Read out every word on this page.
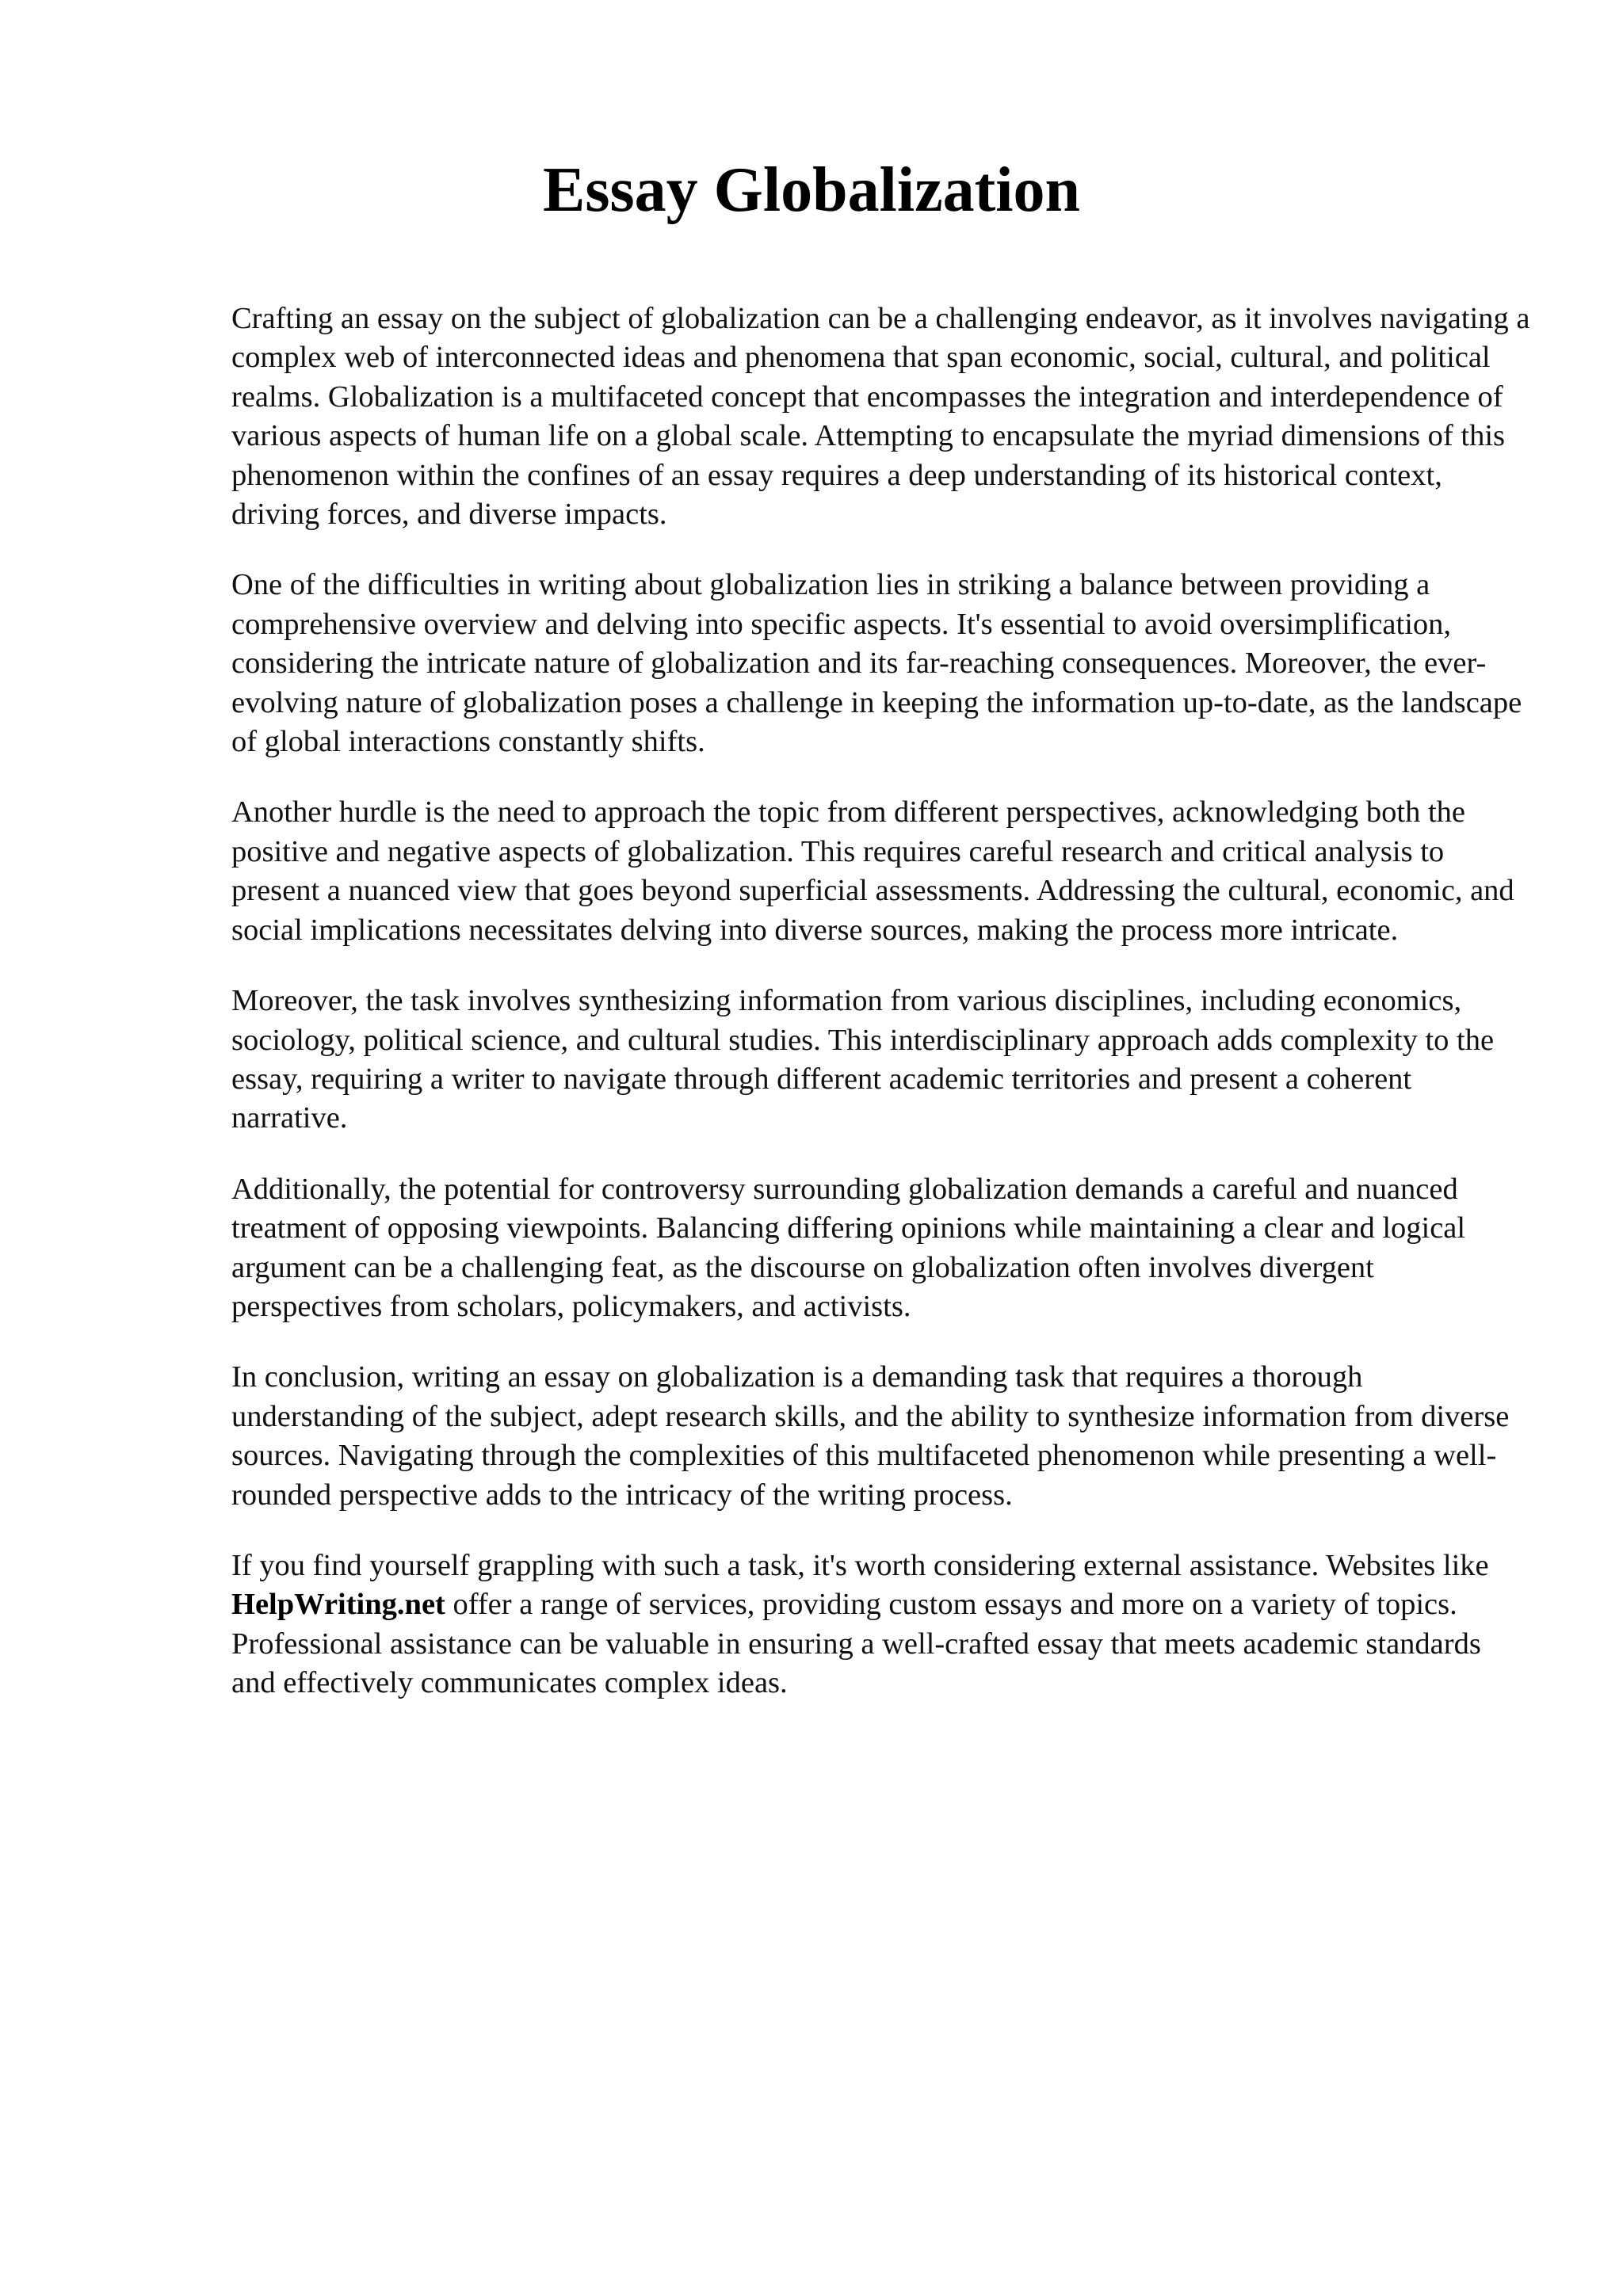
Essay Globalization

Crafting an essay on the subject of globalization can be a challenging endeavor, as it involves navigating a complex web of interconnected ideas and phenomena that span economic, social, cultural, and political realms. Globalization is a multifaceted concept that encompasses the integration and interdependence of various aspects of human life on a global scale. Attempting to encapsulate the myriad dimensions of this phenomenon within the confines of an essay requires a deep understanding of its historical context, driving forces, and diverse impacts.

One of the difficulties in writing about globalization lies in striking a balance between providing a comprehensive overview and delving into specific aspects. It's essential to avoid oversimplification, considering the intricate nature of globalization and its far-reaching consequences. Moreover, the ever-evolving nature of globalization poses a challenge in keeping the information up-to-date, as the landscape of global interactions constantly shifts.

Another hurdle is the need to approach the topic from different perspectives, acknowledging both the positive and negative aspects of globalization. This requires careful research and critical analysis to present a nuanced view that goes beyond superficial assessments. Addressing the cultural, economic, and social implications necessitates delving into diverse sources, making the process more intricate.

Moreover, the task involves synthesizing information from various disciplines, including economics, sociology, political science, and cultural studies. This interdisciplinary approach adds complexity to the essay, requiring a writer to navigate through different academic territories and present a coherent narrative.

Additionally, the potential for controversy surrounding globalization demands a careful and nuanced treatment of opposing viewpoints. Balancing differing opinions while maintaining a clear and logical argument can be a challenging feat, as the discourse on globalization often involves divergent perspectives from scholars, policymakers, and activists.

In conclusion, writing an essay on globalization is a demanding task that requires a thorough understanding of the subject, adept research skills, and the ability to synthesize information from diverse sources. Navigating through the complexities of this multifaceted phenomenon while presenting a well-rounded perspective adds to the intricacy of the writing process.

If you find yourself grappling with such a task, it's worth considering external assistance. Websites like HelpWriting.net offer a range of services, providing custom essays and more on a variety of topics. Professional assistance can be valuable in ensuring a well-crafted essay that meets academic standards and effectively communicates complex ideas.
